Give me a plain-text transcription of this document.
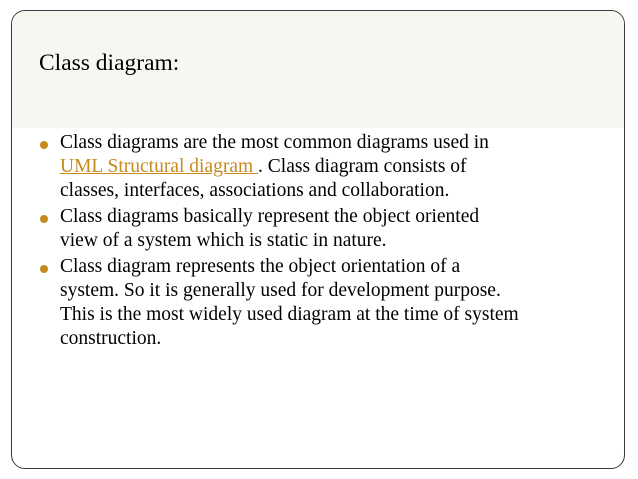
Class diagram:
Class diagrams are the most common diagrams used in
UML Structural diagram . Class diagram consists of
classes, interfaces, associations and collaboration.
Class diagrams basically represent the object oriented
view of a system which is static in nature.
Class diagram represents the object orientation of a
system. So it is generally used for development purpose.
This is the most widely used diagram at the time of system
construction.
